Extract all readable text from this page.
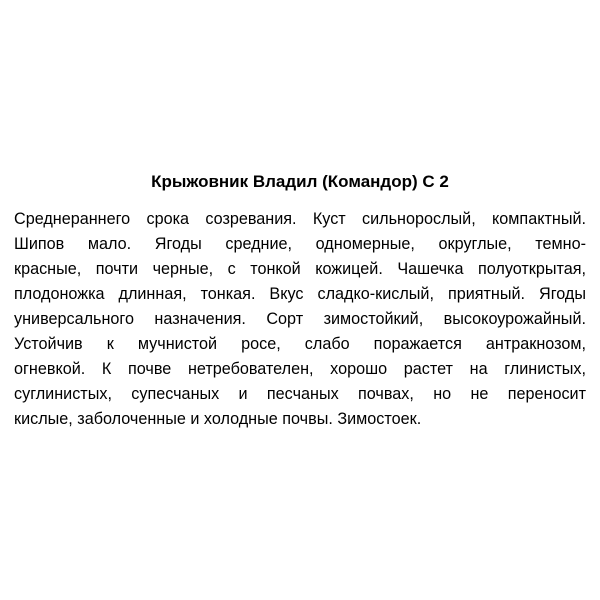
Крыжовник Владил (Командор) С 2
Среднераннего срока созревания. Куст сильнорослый, компактный.
Шипов мало. Ягоды средние, одномерные, округлые, темно-
красные, почти черные, с тонкой кожицей. Чашечка полуоткрытая,
плодоножка длинная, тонкая. Вкус сладко-кислый, приятный. Ягоды
универсального назначения. Сорт зимостойкий, высокоурожайный.
Устойчив к мучнистой росе, слабо поражается антракнозом,
огневкой. К почве нетребователен, хорошо растет на глинистых,
суглинистых, супесчаных и песчаных почвах, но не переносит
кислые, заболоченные и холодные почвы. Зимостоек.
